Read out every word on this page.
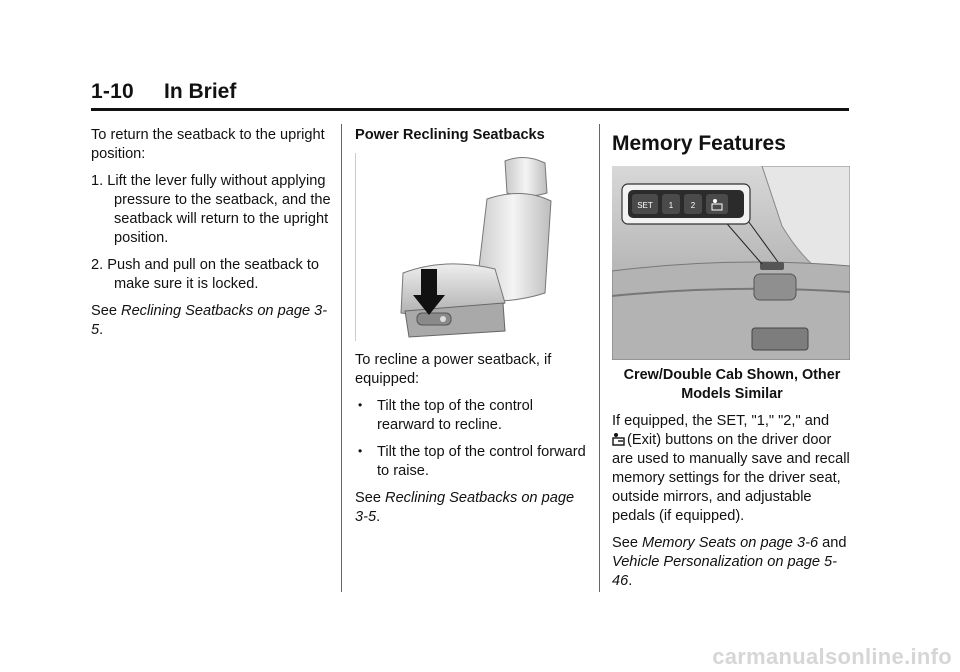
1-10 In Brief

To return the seatback to the upright position:

1. Lift the lever fully without applying pressure to the seatback, and the seatback will return to the upright position.

2. Push and pull on the seatback to make sure it is locked.

See Reclining Seatbacks on page 3-5.

Power Reclining Seatbacks

To recline a power seatback, if equipped:

• Tilt the top of the control rearward to recline.
• Tilt the top of the control forward to raise.

See Reclining Seatbacks on page 3-5.

Memory Features
SET 1 2
Crew/Double Cab Shown, Other Models Similar

If equipped, the SET, "1," "2," and
(Exit) buttons on the driver door are used to manually save and recall memory settings for the driver seat, outside mirrors, and adjustable pedals (if equipped).

See Memory Seats on page 3-6 and Vehicle Personalization on page 5-46.

carmanualsonline.info
